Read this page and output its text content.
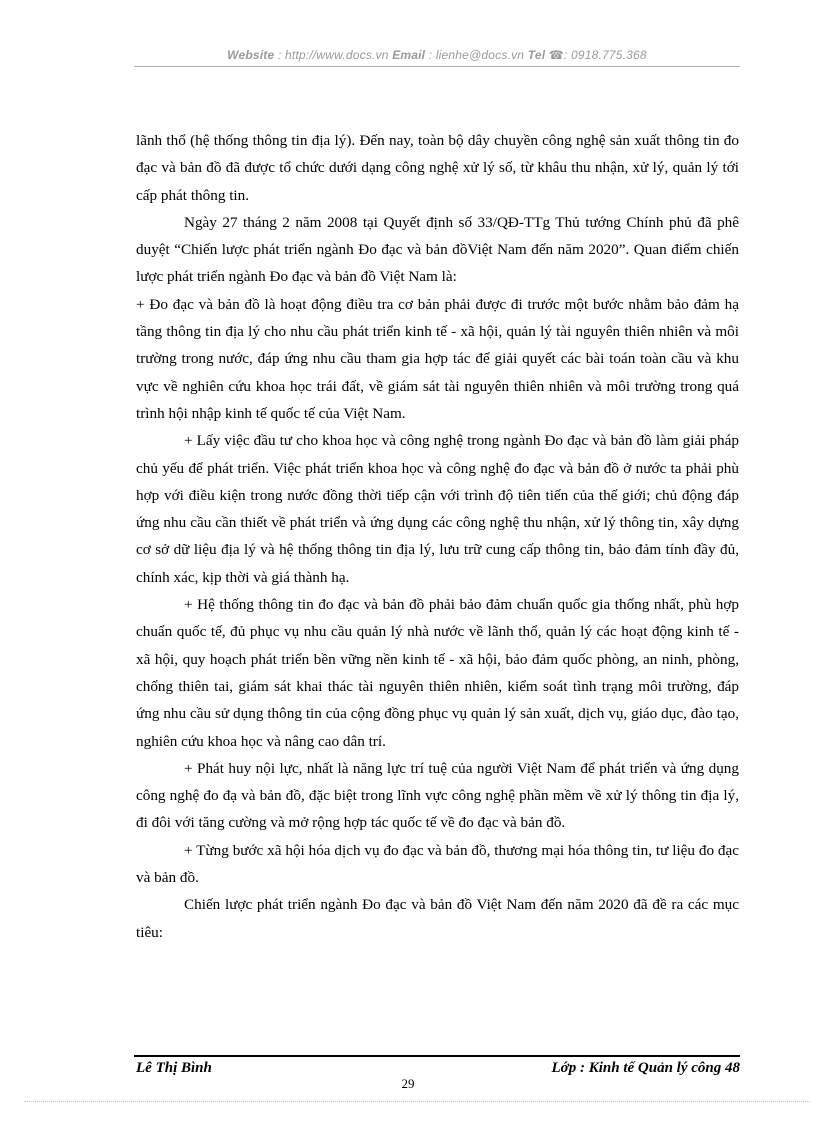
Website : http://www.docs.vn Email : lienhe@docs.vn Tel ☎: 0918.775.368

lãnh thổ (hệ thống thông tin địa lý). Đến nay, toàn bộ dây chuyền công nghệ sản xuất thông tin đo đạc và bản đồ đã được tổ chức dưới dạng công nghệ xử lý số, từ khâu thu nhận, xử lý, quản lý tới cấp phát thông tin.

Ngày 27 tháng 2 năm 2008 tại Quyết định số 33/QĐ-TTg Thủ tướng Chính phủ đã phê duyệt “Chiến lược phát triển ngành Đo đạc và bản đồViệt Nam đến năm 2020”. Quan điểm chiến lược phát triển ngành Đo đạc và bản đồ Việt Nam là:

+ Đo đạc và bản đồ là hoạt động điều tra cơ bản phải được đi trước một bước nhằm bảo đảm hạ tầng thông tin địa lý cho nhu cầu phát triển kinh tế - xã hội, quản lý tài nguyên thiên nhiên và môi trường trong nước, đáp ứng nhu cầu tham gia hợp tác để giải quyết các bài toán toàn cầu và khu vực về nghiên cứu khoa học trái đất, về giám sát tài nguyên thiên nhiên và môi trường trong quá trình hội nhập kinh tế quốc tế của Việt Nam.

+ Lấy việc đầu tư cho khoa học và công nghệ trong ngành Đo đạc và bản đồ làm giải pháp chủ yếu để phát triển. Việc phát triển khoa học và công nghệ đo đạc và bản đồ ở nước ta phải phù hợp với điều kiện trong nước đồng thời tiếp cận với trình độ tiên tiến của thế giới; chủ động đáp ứng nhu cầu cần thiết về phát triển và ứng dụng các công nghệ thu nhận, xử lý thông tin, xây dựng cơ sở dữ liệu địa lý và hệ thống thông tin địa lý, lưu trữ cung cấp thông tin, bảo đảm tính đầy đủ, chính xác, kịp thời và giá thành hạ.

+ Hệ thống thông tin đo đạc và bản đồ phải bảo đảm chuẩn quốc gia thống nhất, phù hợp chuẩn quốc tế, đủ phục vụ nhu cầu quản lý nhà nước về lãnh thổ, quản lý các hoạt động kinh tế - xã hội, quy hoạch phát triển bền vững nền kinh tế - xã hội, bảo đảm quốc phòng, an ninh, phòng, chống thiên tai, giám sát khai thác tài nguyên thiên nhiên, kiểm soát tình trạng môi trường, đáp ứng nhu cầu sử dụng thông tin của cộng đồng phục vụ quản lý sản xuất, dịch vụ, giáo dục, đào tạo, nghiên cứu khoa học và nâng cao dân trí.

+ Phát huy nội lực, nhất là năng lực trí tuệ của người Việt Nam để phát triển và ứng dụng công nghệ đo đạ và bản đồ, đặc biệt trong lĩnh vực công nghệ phần mềm về xử lý thông tin địa lý, đi đôi với tăng cường và mở rộng hợp tác quốc tế về đo đạc và bản đồ.

+ Từng bước xã hội hóa dịch vụ đo đạc và bản đồ, thương mại hóa thông tin, tư liệu đo đạc và bản đồ.

Chiến lược phát triển ngành Đo đạc và bản đồ Việt Nam đến năm 2020 đã đề ra các mục tiêu:

Lê Thị Bình	Lớp : Kinh tế Quản lý công 48
29
